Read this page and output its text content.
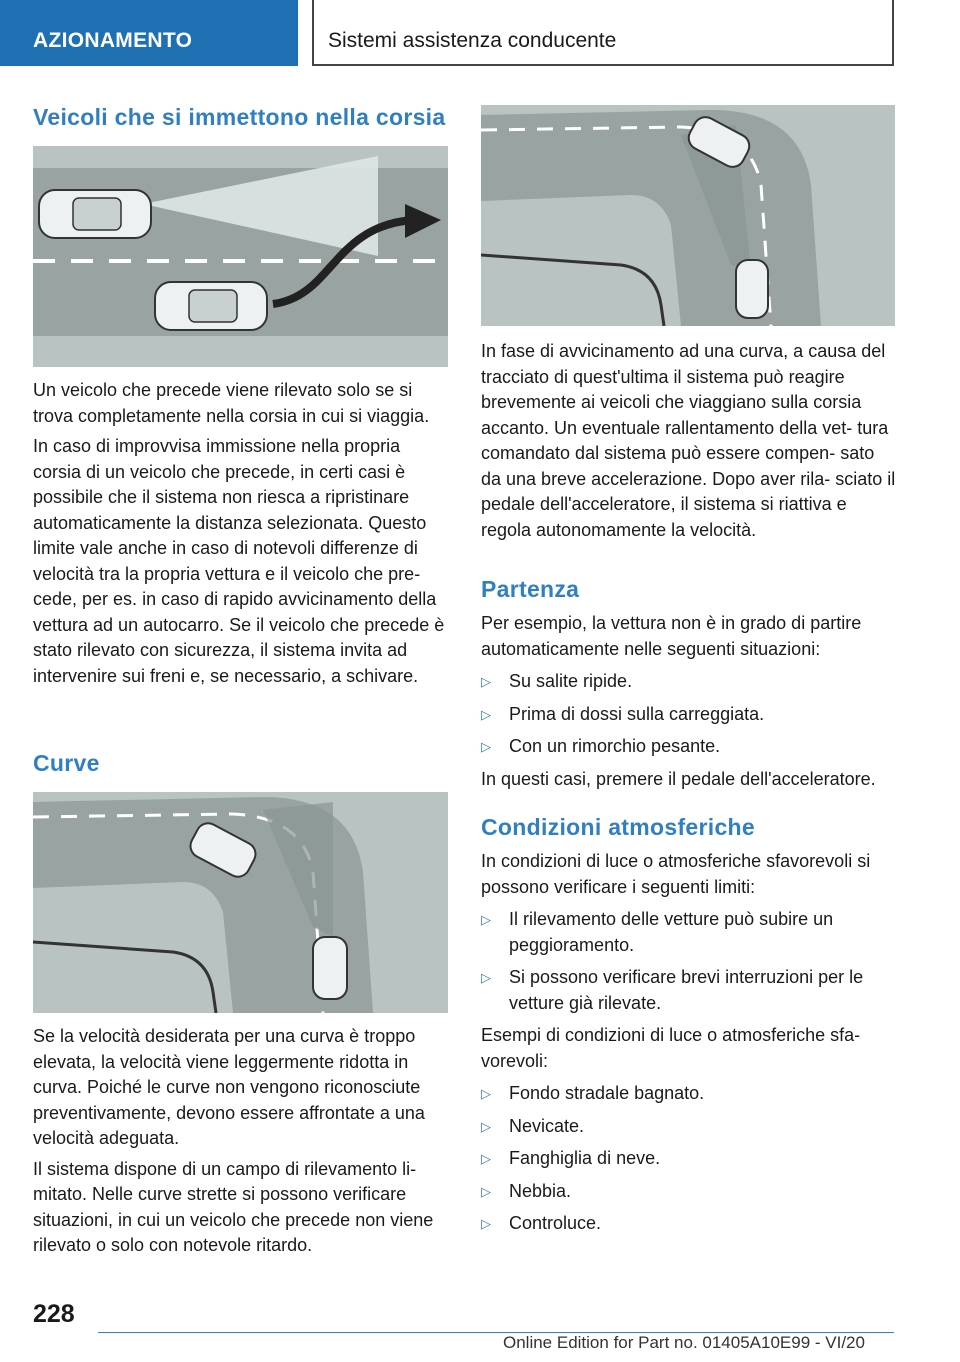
AZIONAMENTO	Sistemi assistenza conducente
Veicoli che si immettono nella corsia

Un veicolo che precede viene rilevato solo se si trova completamente nella corsia in cui si viaggia.

In caso di improvvisa immissione nella propria corsia di un veicolo che precede, in certi casi è possibile che il sistema non riesca a ripristinare automaticamente la distanza selezionata. Questo limite vale anche in caso di notevoli differenze di velocità tra la propria vettura e il veicolo che pre‐ cede, per es. in caso di rapido avvicinamento della vettura ad un autocarro. Se il veicolo che precede è stato rilevato con sicurezza, il sistema invita ad intervenire sui freni e, se necessario, a schivare.

Curve

Se la velocità desiderata per una curva è troppo elevata, la velocità viene leggermente ridotta in curva. Poiché le curve non vengono riconosciute preventivamente, devono essere affrontate a una velocità adeguata.

Il sistema dispone di un campo di rilevamento li‐ mitato. Nelle curve strette si possono verificare situazioni, in cui un veicolo che precede non viene rilevato o solo con notevole ritardo.

In fase di avvicinamento ad una curva, a causa del tracciato di quest'ultima il sistema può reagire brevemente ai veicoli che viaggiano sulla corsia accanto. Un eventuale rallentamento della vet‐ tura comandato dal sistema può essere compen‐ sato da una breve accelerazione. Dopo aver rila‐ sciato il pedale dell'acceleratore, il sistema si riattiva e regola autonomamente la velocità.

Partenza

Per esempio, la vettura non è in grado di partire automaticamente nelle seguenti situazioni:

▷	Su salite ripide.
▷	Prima di dossi sulla carreggiata.
▷	Con un rimorchio pesante.

In questi casi, premere il pedale dell'acceleratore.

Condizioni atmosferiche

In condizioni di luce o atmosferiche sfavorevoli si possono verificare i seguenti limiti:

▷	Il rilevamento delle vetture può subire un peggioramento.
▷	Si possono verificare brevi interruzioni per le vetture già rilevate.

Esempi di condizioni di luce o atmosferiche sfa‐ vorevoli:

▷	Fondo stradale bagnato.
▷	Nevicate.
▷	Fanghiglia di neve.
▷	Nebbia.
▷	Controluce.
228
Online Edition for Part no. 01405A10E99 - VI/20
